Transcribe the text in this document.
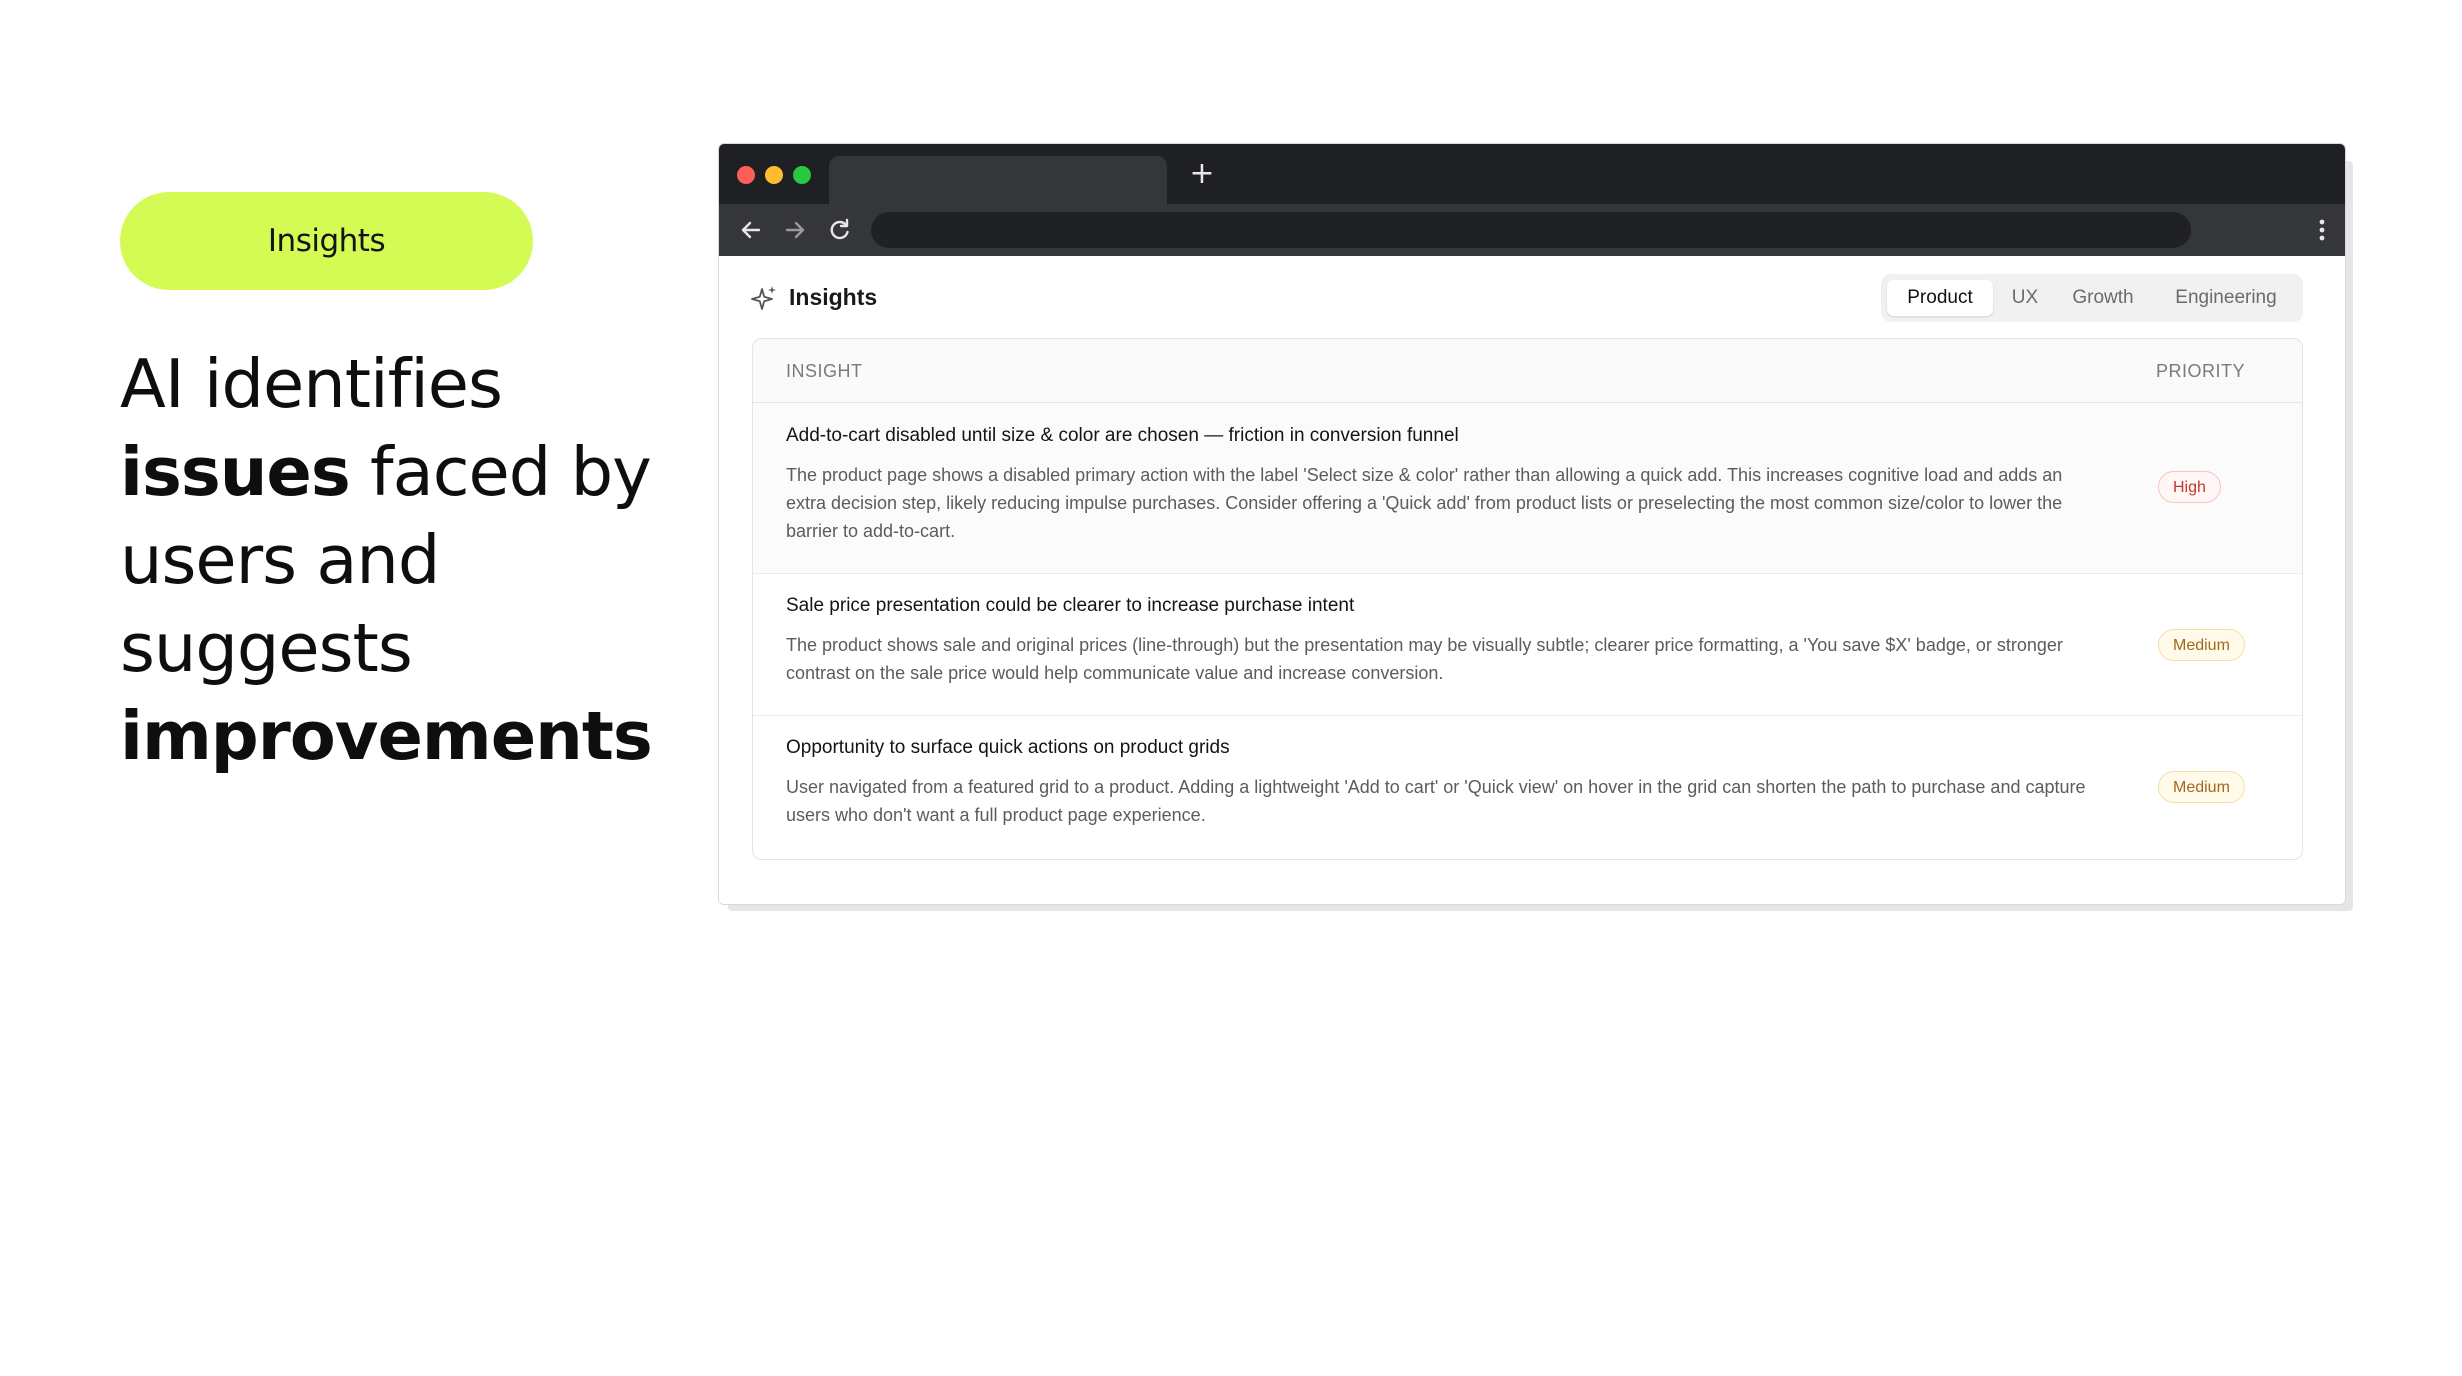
Insights
AI identifies
issues faced by users and suggests
improvements
+
Insights	Product	UX	Growth	Engineering
INSIGHT	PRIORITY
Add-to-cart disabled until size & color are chosen — friction in conversion funnel
The product page shows a disabled primary action with the label 'Select size & color' rather than allowing a quick add. This increases cognitive load and adds an extra decision step, likely reducing impulse purchases. Consider offering a 'Quick add' from product lists or preselecting the most common size/color to lower the barrier to add-to-cart.
High
Sale price presentation could be clearer to increase purchase intent
The product shows sale and original prices (line-through) but the presentation may be visually subtle; clearer price formatting, a 'You save $X' badge, or stronger contrast on the sale price would help communicate value and increase conversion.
Medium
Opportunity to surface quick actions on product grids
User navigated from a featured grid to a product. Adding a lightweight 'Add to cart' or 'Quick view' on hover in the grid can shorten the path to purchase and capture users who don't want a full product page experience.
Medium
